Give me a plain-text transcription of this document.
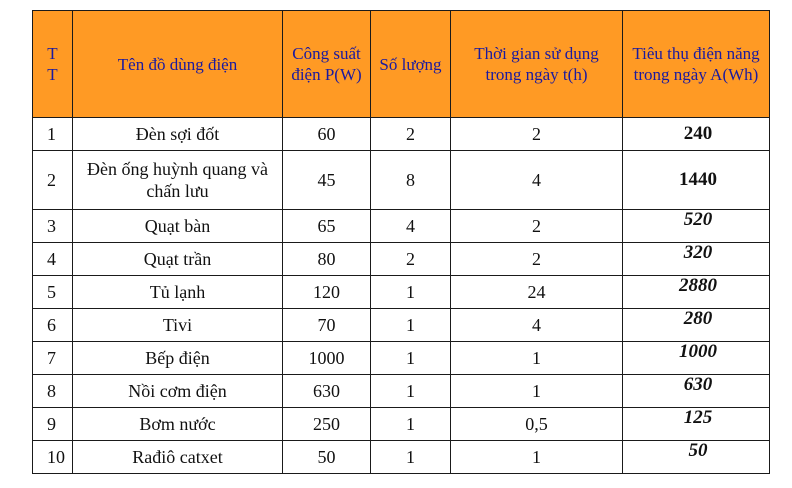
T
T	Tên đồ dùng điện	Công suất điện P(W)	Số lượng	Thời gian sử dụng trong ngày t(h)	Tiêu thụ điện năng trong ngày A(Wh)
1	Đèn sợi đốt	60	2	2	240
2	Đèn ống huỳnh quang và chấn lưu	45	8	4	1440
3	Quạt bàn	65	4	2	520
4	Quạt trần	80	2	2	320
5	Tủ lạnh	120	1	24	2880
6	Tivi	70	1	4	280
7	Bếp điện	1000	1	1	1000
8	Nồi cơm điện	630	1	1	630
9	Bơm nước	250	1	0,5	125
10	Rađiô catxet	50	1	1	50
